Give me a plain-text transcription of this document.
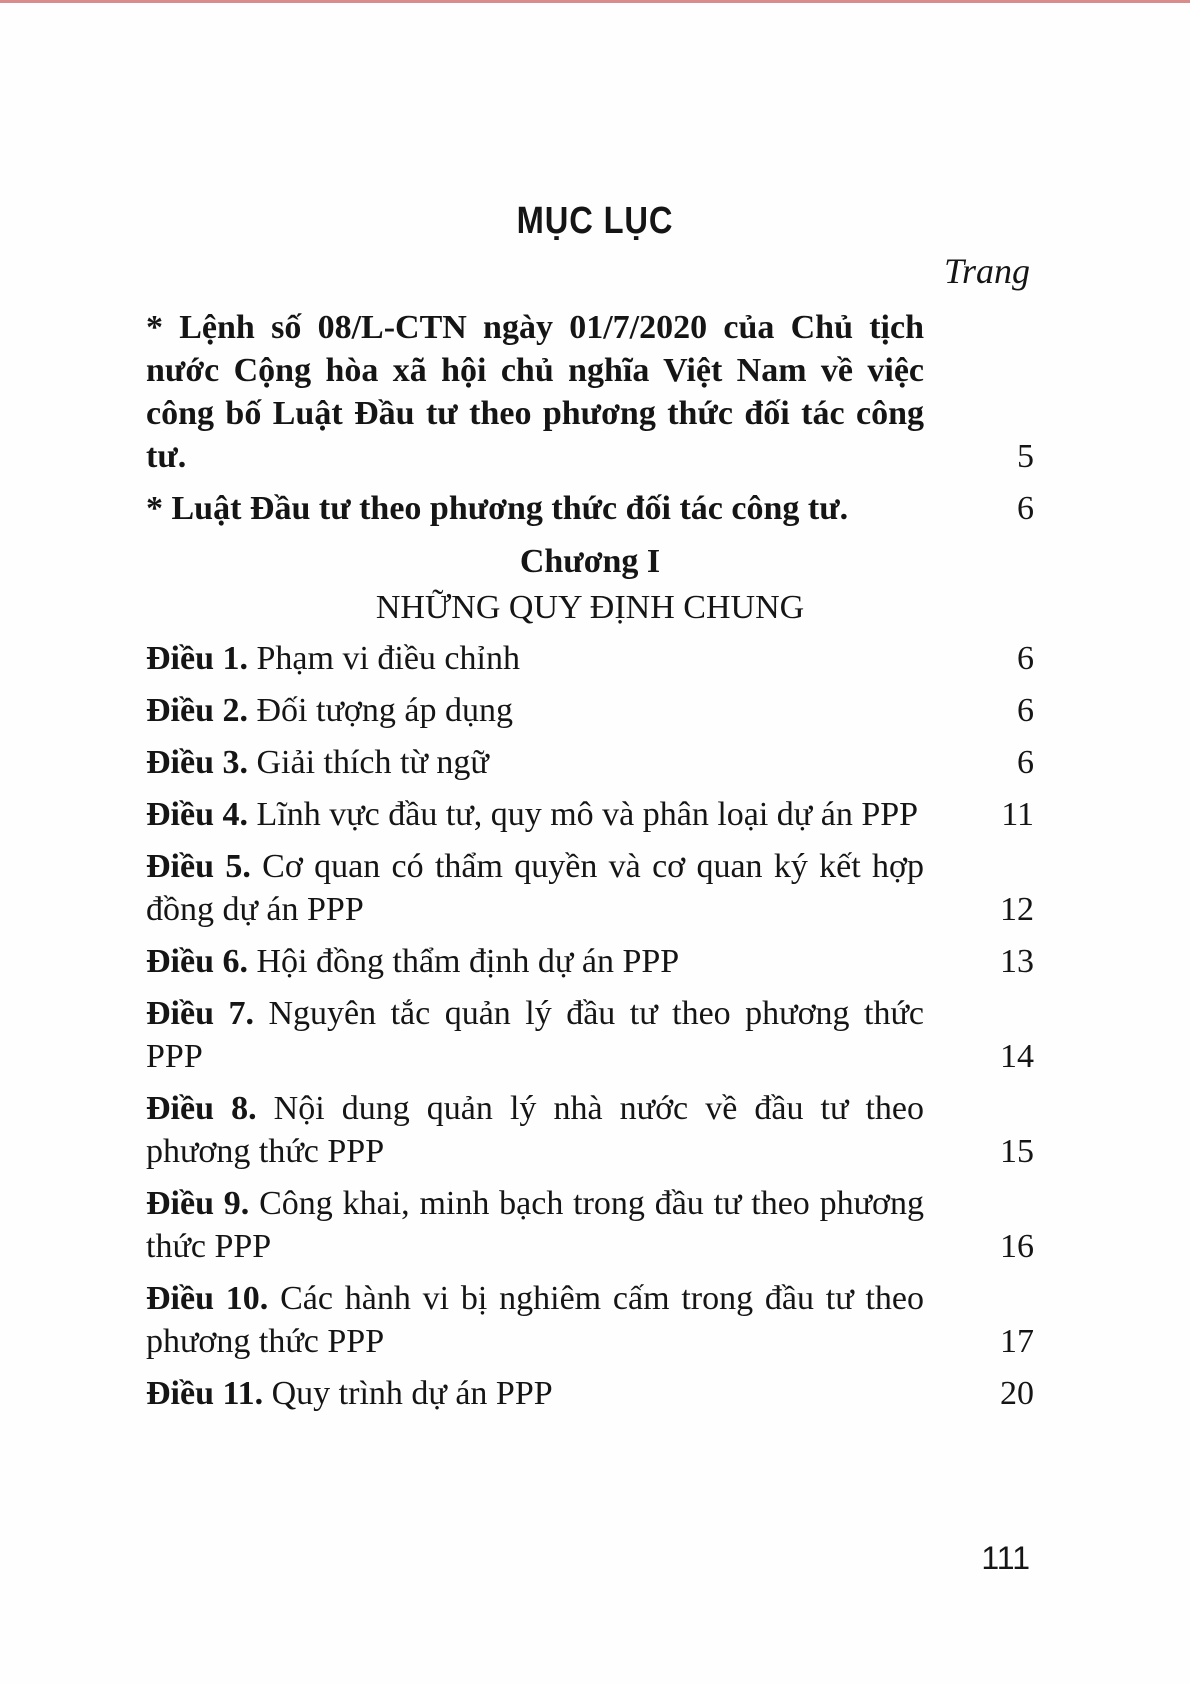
MỤC LỤC
Trang
* Lệnh số 08/L-CTN ngày 01/7/2020 của Chủ tịch nước Cộng hòa xã hội chủ nghĩa Việt Nam về việc công bố Luật Đầu tư theo phương thức đối tác công tư.	5
* Luật Đầu tư theo phương thức đối tác công tư.	6
Chương I
NHỮNG QUY ĐỊNH CHUNG
Điều 1. Phạm vi điều chỉnh	6
Điều 2. Đối tượng áp dụng	6
Điều 3. Giải thích từ ngữ	6
Điều 4. Lĩnh vực đầu tư, quy mô và phân loại dự án PPP	11
Điều 5. Cơ quan có thẩm quyền và cơ quan ký kết hợp đồng dự án PPP	12
Điều 6. Hội đồng thẩm định dự án PPP	13
Điều 7. Nguyên tắc quản lý đầu tư theo phương thức PPP	14
Điều 8. Nội dung quản lý nhà nước về đầu tư theo phương thức PPP	15
Điều 9. Công khai, minh bạch trong đầu tư theo phương thức PPP	16
Điều 10. Các hành vi bị nghiêm cấm trong đầu tư theo phương thức PPP	17
Điều 11. Quy trình dự án PPP	20
111
